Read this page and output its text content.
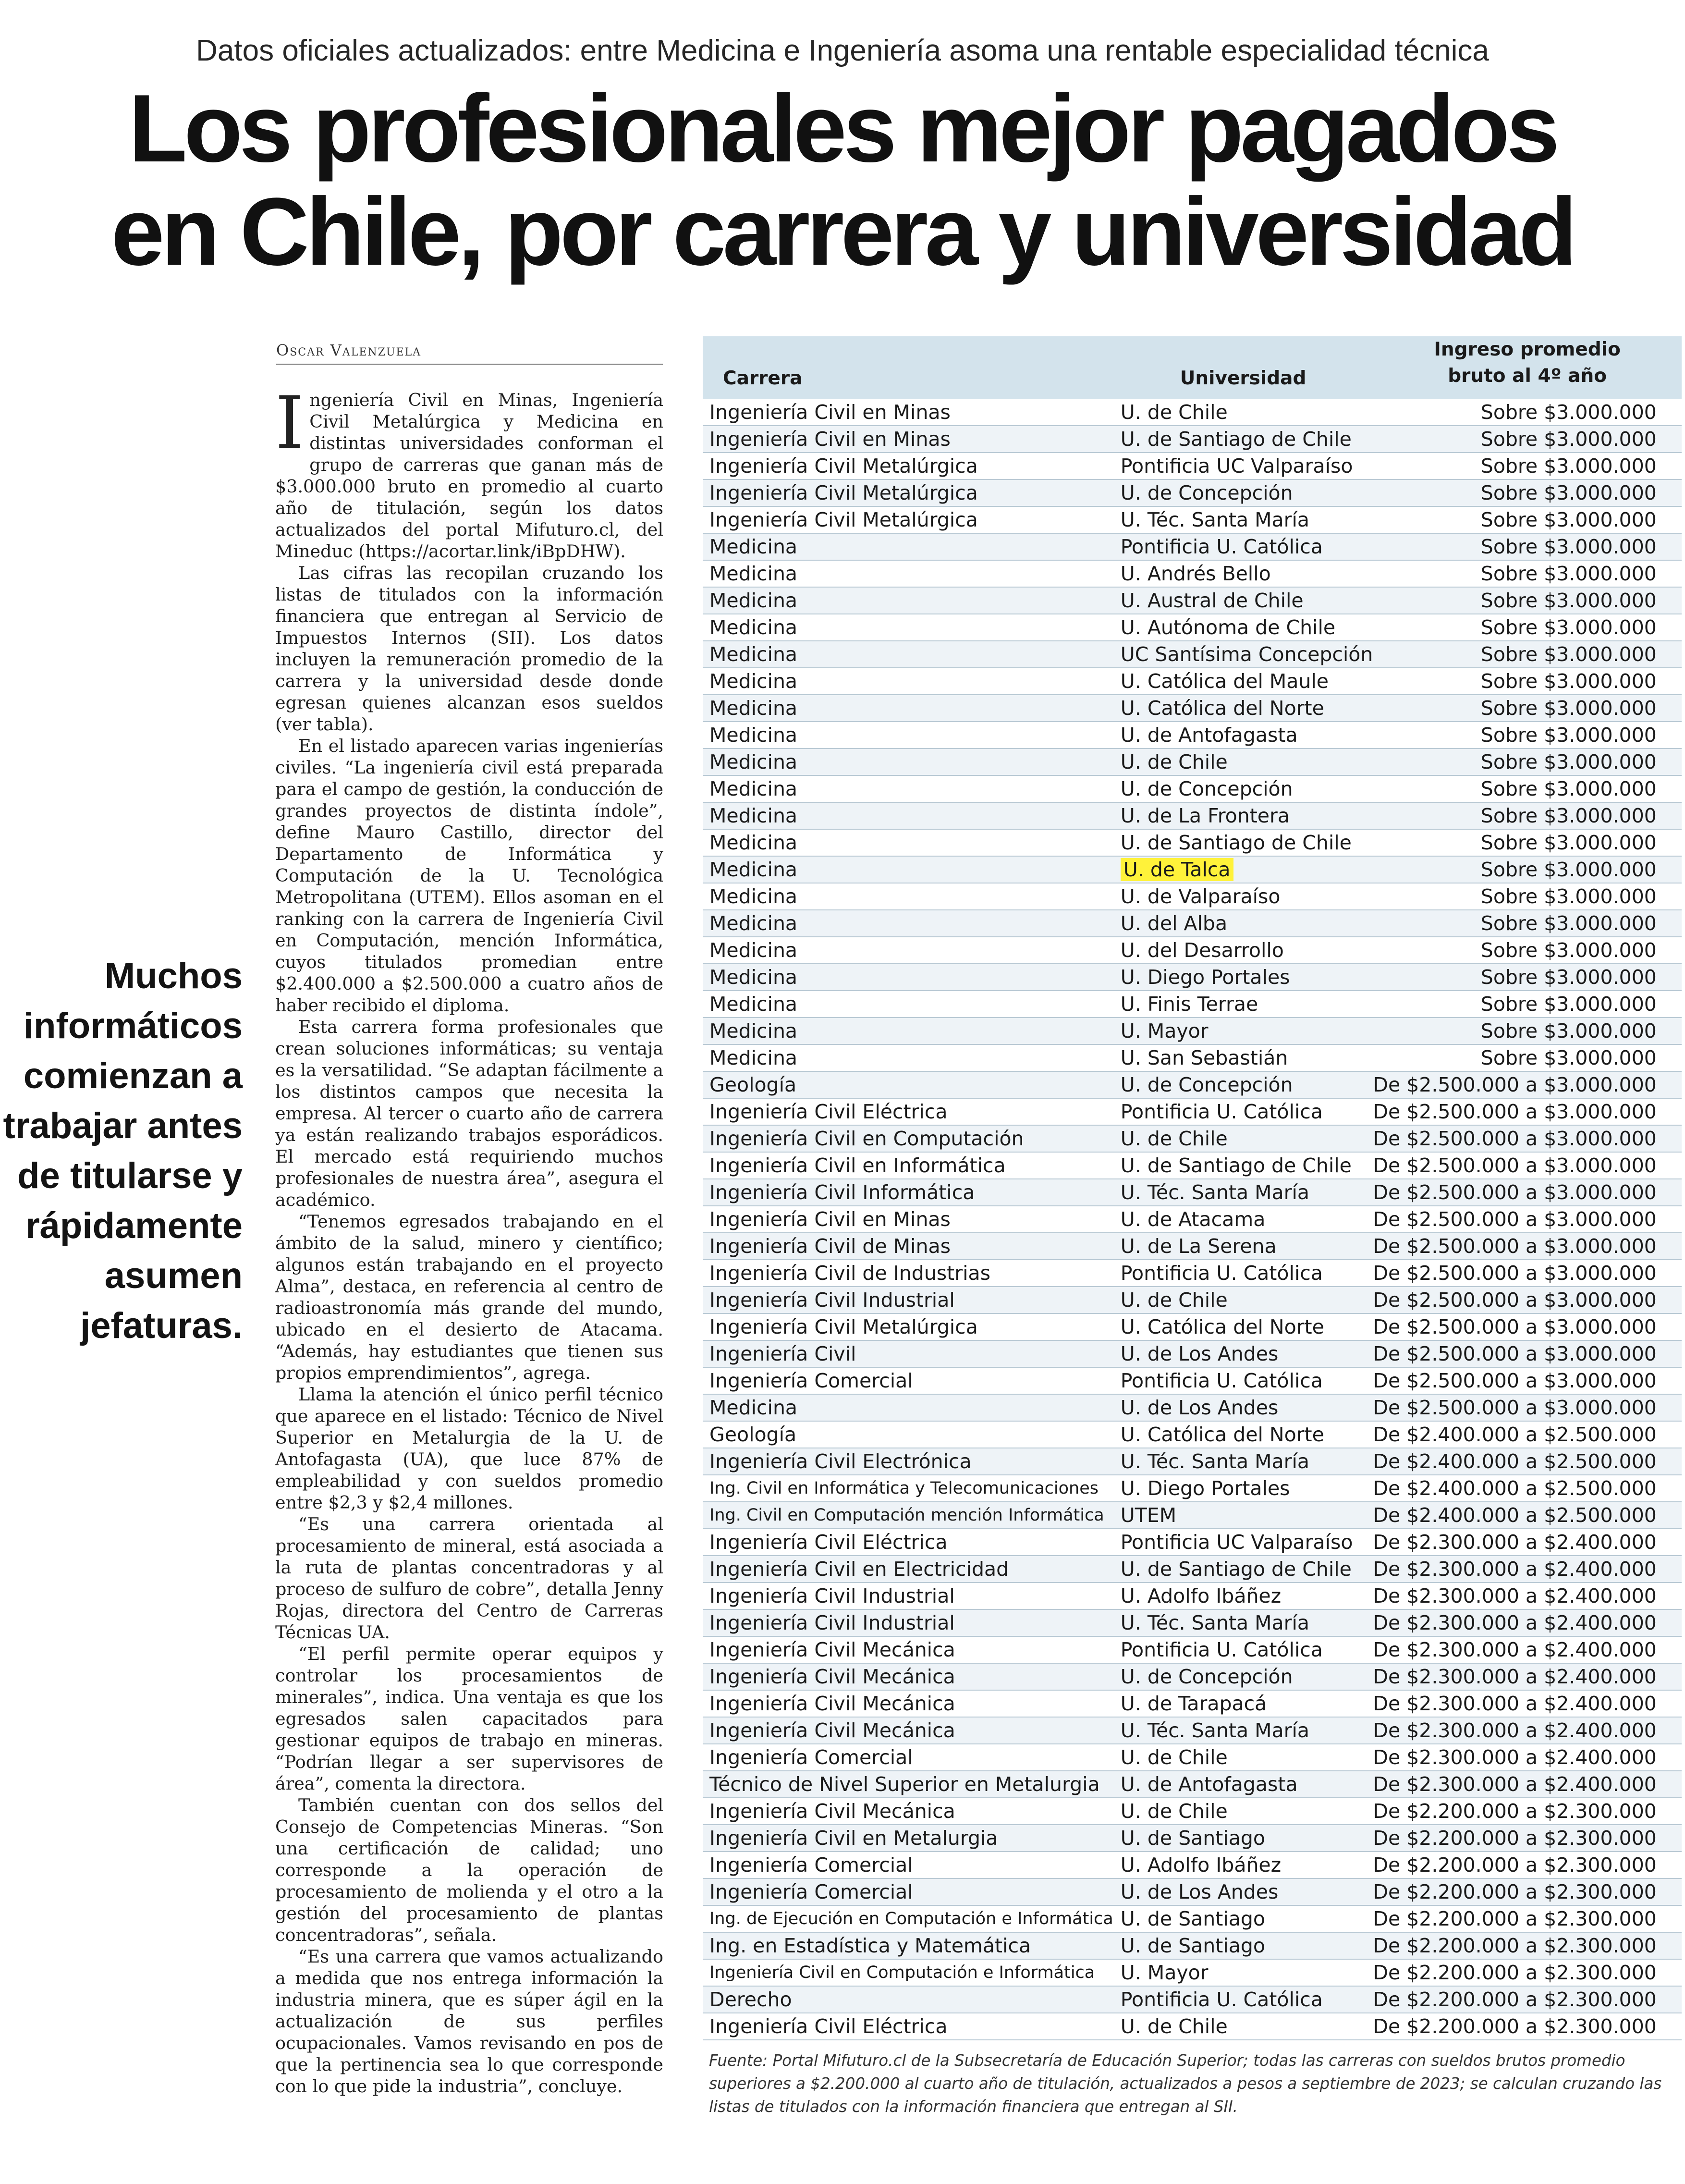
Datos oficiales actualizados: entre Medicina e Ingeniería asoma una rentable especialidad técnica
Los profesionales mejor pagados
en Chile, por carrera y universidad
Oscar Valenzuela

Ingeniería Civil en Minas, Ingeniería Civil Metalúrgica y Medicina en distintas universidades conforman el grupo de carreras que ganan más de $3.000.000 bruto en promedio al cuarto año de titulación, según los datos actualizados del portal Mifuturo.cl, del Mineduc (https://acortar.link/iBpDHW).

Las cifras las recopilan cruzando los listas de titulados con la información financiera que entregan al Servicio de Impuestos Internos (SII). Los datos incluyen la remuneración promedio de la carrera y la universidad desde donde egresan quienes alcanzan esos sueldos (ver tabla).

En el listado aparecen varias ingenierías civiles. “La ingeniería civil está preparada para el campo de gestión, la conducción de grandes proyectos de distinta índole”, define Mauro Castillo, director del Departamento de Informática y Computación de la U. Tecnológica Metropolitana (UTEM). Ellos asoman en el ranking con la carrera de Ingeniería Civil en Computación, mención Informática, cuyos titulados promedian entre $2.400.000 a $2.500.000 a cuatro años de haber recibido el diploma.

Esta carrera forma profesionales que crean soluciones informáticas; su ventaja es la versatilidad. “Se adaptan fácilmente a los distintos campos que necesita la empresa. Al tercer o cuarto año de carrera ya están realizando trabajos esporádicos. El mercado está requiriendo muchos profesionales de nuestra área”, asegura el académico.

“Tenemos egresados trabajando en el ámbito de la salud, minero y científico; algunos están trabajando en el proyecto Alma”, destaca, en referencia al centro de radioastronomía más grande del mundo, ubicado en el desierto de Atacama. “Además, hay estudiantes que tienen sus propios emprendimientos”, agrega.

Llama la atención el único perfil técnico que aparece en el listado: Técnico de Nivel Superior en Metalurgia de la U. de Antofagasta (UA), que luce 87% de empleabilidad y con sueldos promedio entre $2,3 y $2,4 millones.

“Es una carrera orientada al procesamiento de mineral, está asociada a la ruta de plantas concentradoras y al proceso de sulfuro de cobre”, detalla Jenny Rojas, directora del Centro de Carreras Técnicas UA.

“El perfil permite operar equipos y controlar los procesamientos de minerales”, indica. Una ventaja es que los egresados salen capacitados para gestionar equipos de trabajo en mineras. “Podrían llegar a ser supervisores de área”, comenta la directora.

También cuentan con dos sellos del Consejo de Competencias Mineras. “Son una certificación de calidad; uno corresponde a la operación de procesamiento de molienda y el otro a la gestión del procesamiento de plantas concentradoras”, señala.

“Es una carrera que vamos actualizando a medida que nos entrega información la industria minera, que es súper ágil en la actualización de sus perfiles ocupacionales. Vamos revisando en pos de que la pertinencia sea lo que corresponde con lo que pide la industria”, concluye.

Muchos informáticos comienzan a trabajar antes de titularse y rápidamente asumen jefaturas.
Carrera	Universidad	Ingreso promedio
bruto al 4º año
Ingeniería Civil en Minas	U. de Chile	Sobre $3.000.000
Ingeniería Civil en Minas	U. de Santiago de Chile	Sobre $3.000.000
Ingeniería Civil Metalúrgica	Pontificia UC Valparaíso	Sobre $3.000.000
Ingeniería Civil Metalúrgica	U. de Concepción	Sobre $3.000.000
Ingeniería Civil Metalúrgica	U. Téc. Santa María	Sobre $3.000.000
Medicina	Pontificia U. Católica	Sobre $3.000.000
Medicina	U. Andrés Bello	Sobre $3.000.000
Medicina	U. Austral de Chile	Sobre $3.000.000
Medicina	U. Autónoma de Chile	Sobre $3.000.000
Medicina	UC Santísima Concepción	Sobre $3.000.000
Medicina	U. Católica del Maule	Sobre $3.000.000
Medicina	U. Católica del Norte	Sobre $3.000.000
Medicina	U. de Antofagasta	Sobre $3.000.000
Medicina	U. de Chile	Sobre $3.000.000
Medicina	U. de Concepción	Sobre $3.000.000
Medicina	U. de La Frontera	Sobre $3.000.000
Medicina	U. de Santiago de Chile	Sobre $3.000.000
Medicina	U. de Talca	Sobre $3.000.000
Medicina	U. de Valparaíso	Sobre $3.000.000
Medicina	U. del Alba	Sobre $3.000.000
Medicina	U. del Desarrollo	Sobre $3.000.000
Medicina	U. Diego Portales	Sobre $3.000.000
Medicina	U. Finis Terrae	Sobre $3.000.000
Medicina	U. Mayor	Sobre $3.000.000
Medicina	U. San Sebastián	Sobre $3.000.000
Geología	U. de Concepción	De $2.500.000 a $3.000.000
Ingeniería Civil Eléctrica	Pontificia U. Católica	De $2.500.000 a $3.000.000
Ingeniería Civil en Computación	U. de Chile	De $2.500.000 a $3.000.000
Ingeniería Civil en Informática	U. de Santiago de Chile	De $2.500.000 a $3.000.000
Ingeniería Civil Informática	U. Téc. Santa María	De $2.500.000 a $3.000.000
Ingeniería Civil en Minas	U. de Atacama	De $2.500.000 a $3.000.000
Ingeniería Civil de Minas	U. de La Serena	De $2.500.000 a $3.000.000
Ingeniería Civil de Industrias	Pontificia U. Católica	De $2.500.000 a $3.000.000
Ingeniería Civil Industrial	U. de Chile	De $2.500.000 a $3.000.000
Ingeniería Civil Metalúrgica	U. Católica del Norte	De $2.500.000 a $3.000.000
Ingeniería Civil	U. de Los Andes	De $2.500.000 a $3.000.000
Ingeniería Comercial	Pontificia U. Católica	De $2.500.000 a $3.000.000
Medicina	U. de Los Andes	De $2.500.000 a $3.000.000
Geología	U. Católica del Norte	De $2.400.000 a $2.500.000
Ingeniería Civil Electrónica	U. Téc. Santa María	De $2.400.000 a $2.500.000
Ing. Civil en Informática y Telecomunicaciones	U. Diego Portales	De $2.400.000 a $2.500.000
Ing. Civil en Computación mención Informática	UTEM	De $2.400.000 a $2.500.000
Ingeniería Civil Eléctrica	Pontificia UC Valparaíso	De $2.300.000 a $2.400.000
Ingeniería Civil en Electricidad	U. de Santiago de Chile	De $2.300.000 a $2.400.000
Ingeniería Civil Industrial	U. Adolfo Ibáñez	De $2.300.000 a $2.400.000
Ingeniería Civil Industrial	U. Téc. Santa María	De $2.300.000 a $2.400.000
Ingeniería Civil Mecánica	Pontificia U. Católica	De $2.300.000 a $2.400.000
Ingeniería Civil Mecánica	U. de Concepción	De $2.300.000 a $2.400.000
Ingeniería Civil Mecánica	U. de Tarapacá	De $2.300.000 a $2.400.000
Ingeniería Civil Mecánica	U. Téc. Santa María	De $2.300.000 a $2.400.000
Ingeniería Comercial	U. de Chile	De $2.300.000 a $2.400.000
Técnico de Nivel Superior en Metalurgia	U. de Antofagasta	De $2.300.000 a $2.400.000
Ingeniería Civil Mecánica	U. de Chile	De $2.200.000 a $2.300.000
Ingeniería Civil en Metalurgia	U. de Santiago	De $2.200.000 a $2.300.000
Ingeniería Comercial	U. Adolfo Ibáñez	De $2.200.000 a $2.300.000
Ingeniería Comercial	U. de Los Andes	De $2.200.000 a $2.300.000
Ing. de Ejecución en Computación e Informática	U. de Santiago	De $2.200.000 a $2.300.000
Ing. en Estadística y Matemática	U. de Santiago	De $2.200.000 a $2.300.000
Ingeniería Civil en Computación e Informática	U. Mayor	De $2.200.000 a $2.300.000
Derecho	Pontificia U. Católica	De $2.200.000 a $2.300.000
Ingeniería Civil Eléctrica	U. de Chile	De $2.200.000 a $2.300.000
Fuente: Portal Mifuturo.cl de la Subsecretaría de Educación Superior; todas las carreras con sueldos brutos promedio superiores a $2.200.000 al cuarto año de titulación, actualizados a pesos a septiembre de 2023; se calculan cruzando las listas de titulados con la información financiera que entregan al SII.
